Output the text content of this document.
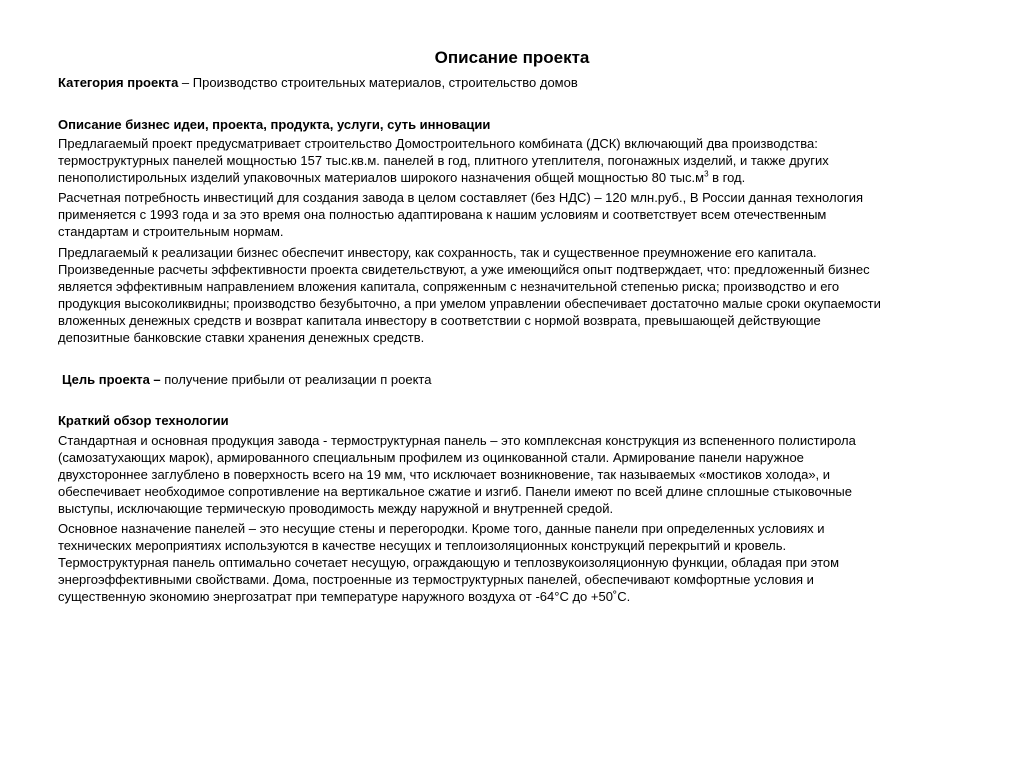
Описание проекта

Категория проекта – Производство строительных материалов, строительство домов

Описание бизнес идеи, проекта, продукта, услуги, суть инновации

Предлагаемый проект предусматривает строительство Домостроительного комбината (ДСК) включающий два производства:
термоструктурных панелей мощностью 157 тыс.кв.м. панелей в год, плитного утеплителя, погонажных изделий, и также других
пенополистирольных изделий упаковочных материалов широкого назначения общей мощностью 80 $тыс.м^3$ в год.
Расчетная потребность инвестиций для создания завода в целом составляет (без НДС) – 120 млн.руб., В России данная технология
применяется с 1993 года и за это время она полностью адаптирована к нашим условиям и соответствует всем отечественным
стандартам и строительным нормам.
Предлагаемый к реализации бизнес обеспечит инвестору, как сохранность, так и существенное преумножение его капитала.
Произведенные расчеты эффективности проекта свидетельствуют, а уже имеющийся опыт подтверждает, что: предложенный бизнес
является эффективным направлением вложения капитала, сопряженным с незначительной степенью риска; производство и его
продукция высоколиквидны; производство безубыточно, а при умелом управлении обеспечивает достаточно малые сроки окупаемости
вложенных денежных средств и возврат капитала инвестору в соответствии с нормой возврата, превышающей действующие
депозитные банковские ставки хранения денежных средств.

Цель проекта – получение прибыли от реализации п роекта

Краткий обзор технологии

Стандартная и основная продукция завода - термоструктурная панель – это комплексная конструкция из вспененного полистирола
(самозатухающих марок), армированного специальным профилем из оцинкованной стали. Армирование панели наружное
двухстороннее заглублено в поверхность всего на 19 мм, что исключает возникновение, так называемых «мостиков холода», и
обеспечивает необходимое сопротивление на вертикальное сжатие и изгиб. Панели имеют по всей длине сплошные стыковочные
выступы, исключающие термическую проводимость между наружной и внутренней средой.
Основное назначение панелей – это несущие стены и перегородки. Кроме того, данные панели при определенных условиях и
технических мероприятиях используются в качестве несущих и теплоизоляционных конструкций перекрытий и кровель.
Термоструктурная панель оптимально сочетает несущую, ограждающую и теплозвукоизоляционную функции, обладая при этом
энергоэффективными свойствами. Дома, построенные из термоструктурных панелей, обеспечивают комфортные условия и
существенную экономию энергозатрат при температуре наружного воздуха от -64°С до +50˚С.
